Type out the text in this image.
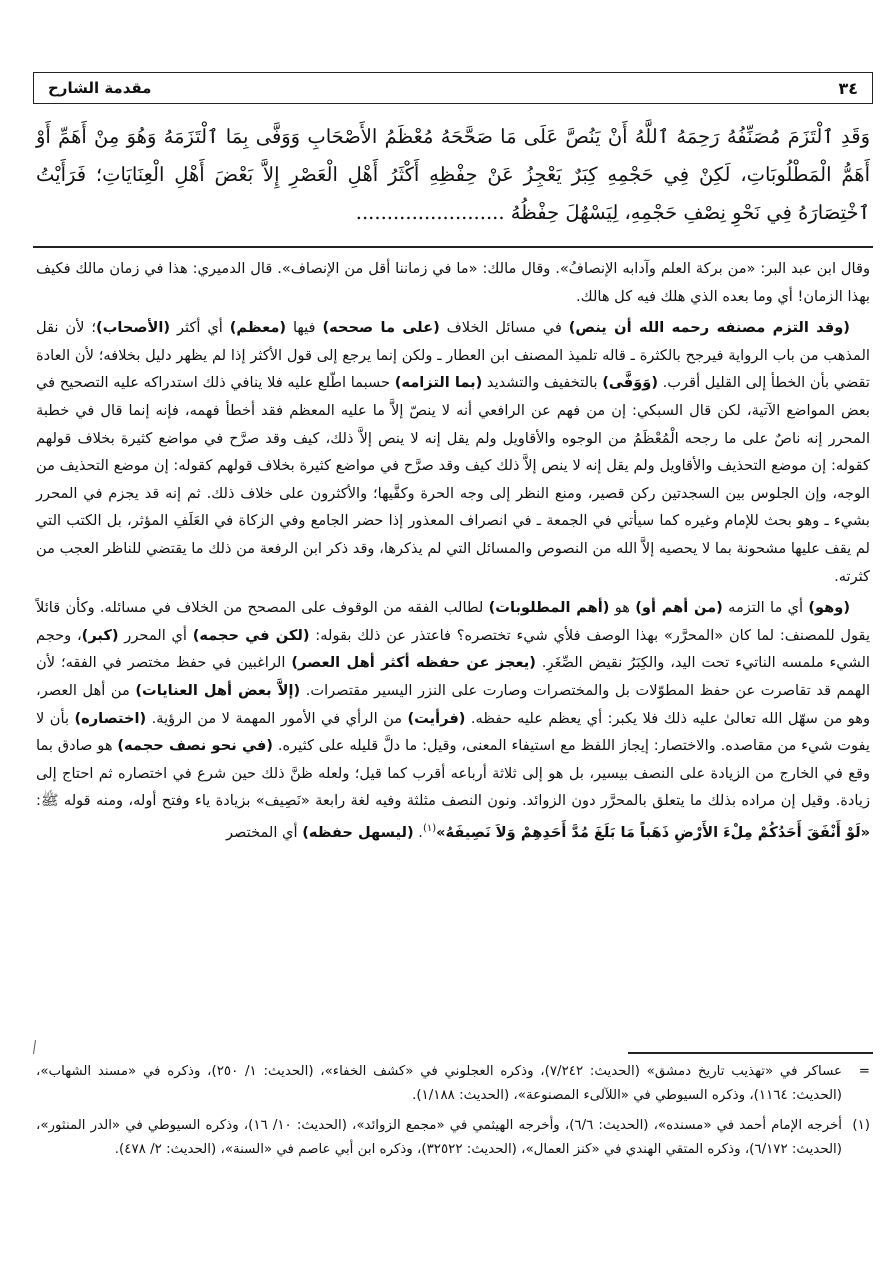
٣٤
مقدمة الشارح
وَقَدِ ٱلْتَزَمَ مُصَنِّفُهُ رَحِمَهُ ٱللَّهُ أَنْ يَنُصَّ عَلَى مَا صَحَّحَهُ مُعْظَمُ الأَصْحَابِ وَوَفَّى بِمَا ٱلْتَزَمَهُ وَهُوَ مِنْ أَهَمِّ أَوْ أَهَمُّ الْمَطْلُوبَاتِ، لَكِنْ فِي حَجْمِهِ كِبَرٌ يَعْجِزُ عَنْ حِفْظِهِ أَكْثَرُ أَهْلِ الْعَصْرِ إِلاَّ بَعْضَ أَهْلِ الْعِنَايَاتِ؛ فَرَأَيْتُ ٱخْتِصَارَهُ فِي نَحْوِ نِصْفِ حَجْمِهِ، لِيَسْهُلَ حِفْظُهُ ........................

وقال ابن عبد البر: «من بركة العلم وآدابه الإنصافُ». وقال مالك: «ما في زماننا أقل من الإنصاف». قال الدميري: هذا في زمان مالك فكيف بهذا الزمان! أي وما بعده الذي هلك فيه كل هالك.

(وقد التزم مصنفه رحمه الله أن ينص) في مسائل الخلاف (على ما صححه) فيها (معظم) أي أكثر (الأصحاب)؛ لأن نقل المذهب من باب الرواية فيرجح بالكثرة ـ قاله تلميذ المصنف ابن العطار ـ ولكن إنما يرجع إلى قول الأكثر إذا لم يظهر دليل بخلافه؛ لأن العادة تقضي بأن الخطأ إلى القليل أقرب. (وَوَفَّى) بالتخفيف والتشديد (بما التزامه) حسبما اطّلع عليه فلا ينافي ذلك استدراكه عليه التصحيح في بعض المواضع الآتية، لكن قال السبكي: إن من فهم عن الرافعي أنه لا ينصّ إلاَّ ما عليه المعظم فقد أخطأ فهمه، فإنه إنما قال في خطبة المحرر إنه ناصٌ على ما رجحه الْمُعْظَمُ من الوجوه والأقاويل ولم يقل إنه لا ينص إلاَّ ذلك، كيف وقد صرَّح في مواضع كثيرة بخلاف قولهم كقوله: إن موضع التحذيف والأقاويل ولم يقل إنه لا ينص إلاَّ ذلك كيف وقد صرَّح في مواضع كثيرة بخلاف قولهم كقوله: إن موضع التحذيف من الوجه، وإن الجلوس بين السجدتين ركن قصير، ومنع النظر إلى وجه الحرة وكفَّيها؛ والأكثرون على خلاف ذلك. ثم إنه قد يجزم في المحرر بشيء ـ وهو بحث للإمام وغيره كما سيأتي في الجمعة ـ في انصراف المعذور إذا حضر الجامع وفي الزكاة في العَلَفِ المؤثر، بل الكتب التي لم يقف عليها مشحونة بما لا يحصيه إلاَّ الله من النصوص والمسائل التي لم يذكرها، وقد ذكر ابن الرفعة من ذلك ما يقتضي للناظر العجب من كثرته.

(وهو) أي ما التزمه (من أهم أو) هو (أهم المطلوبات) لطالب الفقه من الوقوف على المصحح من الخلاف في مسائله. وكأن قائلاً يقول للمصنف: لما كان «المحرَّر» بهذا الوصف فلأي شيء تختصره؟ فاعتذر عن ذلك بقوله: (لكن في حجمه) أي المحرر (كبر)، وحجم الشيء ملمسه الناتيء تحت اليد، والكِبَرُ نقيض الصِّغَرِ. (يعجز عن حفظه أكثر أهل العصر) الراغبين في حفظ مختصر في الفقه؛ لأن الهمم قد تقاصرت عن حفظ المطوّلات بل والمختصرات وصارت على النزر اليسير مقتصرات. (إلاَّ بعض أهل العنايات) من أهل العصر، وهو من سهّل الله تعالىٰ عليه ذلك فلا يكبر: أي يعظم عليه حفظه. (فرأيت) من الرأي في الأمور المهمة لا من الرؤية. (اختصاره) بأن لا يفوت شيء من مقاصده. والاختصار: إيجاز اللفظ مع استيفاء المعنى، وقيل: ما دلَّ قليله على كثيره. (في نحو نصف حجمه) هو صادق بما وقع في الخارج من الزيادة على النصف بيسير، بل هو إلى ثلاثة أرباعه أقرب كما قيل؛ ولعله ظنَّ ذلك حين شرع في اختصاره ثم احتاج إلى زيادة. وقيل إن مراده بذلك ما يتعلق بالمحرَّر دون الزوائد. ونون النصف مثلثة وفيه لغة رابعة «نَصِيف» بزيادة ياء وفتح أوله، ومنه قوله ﷺ: «لَوْ أَنْفَقَ أَحَدُكُمْ مِلْءَ الأَرْضِ ذَهَباً مَا بَلَغَ مُدَّ أَحَدِهِمْ وَلاَ نَصِيفَهُ»$^{(١)}$. (ليسهل حفظه) أي المختصر

=
عساكر في «تهذيب تاريخ دمشق» (الحديث: ٧/٢٤٢)، وذكره العجلوني في «كشف الخفاء»، (الحديث: ١/ ٢٥٠)، وذكره في «مسند الشهاب»، (الحديث: ١١٦٤)، وذكره السيوطي في «اللآلىء المصنوعة»، (الحديث: ١/١٨٨).

(١)
أخرجه الإمام أحمد في «مسنده»، (الحديث: ٦/٦)، وأخرجه الهيثمي في «مجمع الزوائد»، (الحديث: ١٠/ ١٦)، وذكره السيوطي في «الدر المنثور»، (الحديث: ٦/١٧٢)، وذكره المتقي الهندي في «كنز العمال»، (الحديث: ٣٢٥٢٢)، وذكره ابن أبي عاصم في «السنة»، (الحديث: ٢/ ٤٧٨).
